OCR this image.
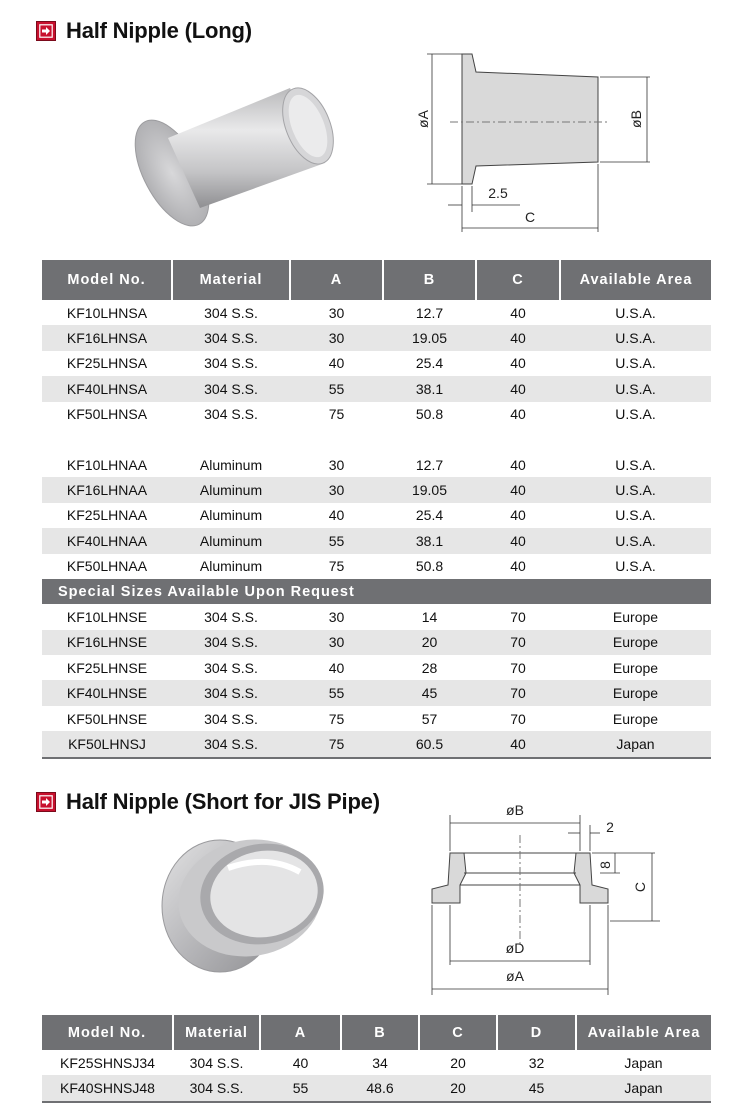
Half Nipple (Long)
øA	øB
2.5
C
Model No.	Material	A	B	C	Available Area
KF10LHNSA	304 S.S.	30	12.7	40	U.S.A.
KF16LHNSA	304 S.S.	30	19.05	40	U.S.A.
KF25LHNSA	304 S.S.	40	25.4	40	U.S.A.
KF40LHNSA	304 S.S.	55	38.1	40	U.S.A.
KF50LHNSA	304 S.S.	75	50.8	40	U.S.A.

KF10LHNAA	Aluminum	30	12.7	40	U.S.A.
KF16LHNAA	Aluminum	30	19.05	40	U.S.A.
KF25LHNAA	Aluminum	40	25.4	40	U.S.A.
KF40LHNAA	Aluminum	55	38.1	40	U.S.A.
KF50LHNAA	Aluminum	75	50.8	40	U.S.A.
Special Sizes Available Upon Request					
KF10LHNSE	304 S.S.	30	14	70	Europe
KF16LHNSE	304 S.S.	30	20	70	Europe
KF25LHNSE	304 S.S.	40	28	70	Europe
KF40LHNSE	304 S.S.	55	45	70	Europe
KF50LHNSE	304 S.S.	75	57	70	Europe
KF50LHNSJ	304 S.S.	75	60.5	40	Japan
Half Nipple (Short for JIS Pipe)	øB
2
8
C
øD
øA
Model No.	Material	A	B	C	D	Available Area
KF25SHNSJ34	304 S.S.	40	34	20	32	Japan
KF40SHNSJ48	304 S.S.	55	48.6	20	45	Japan
